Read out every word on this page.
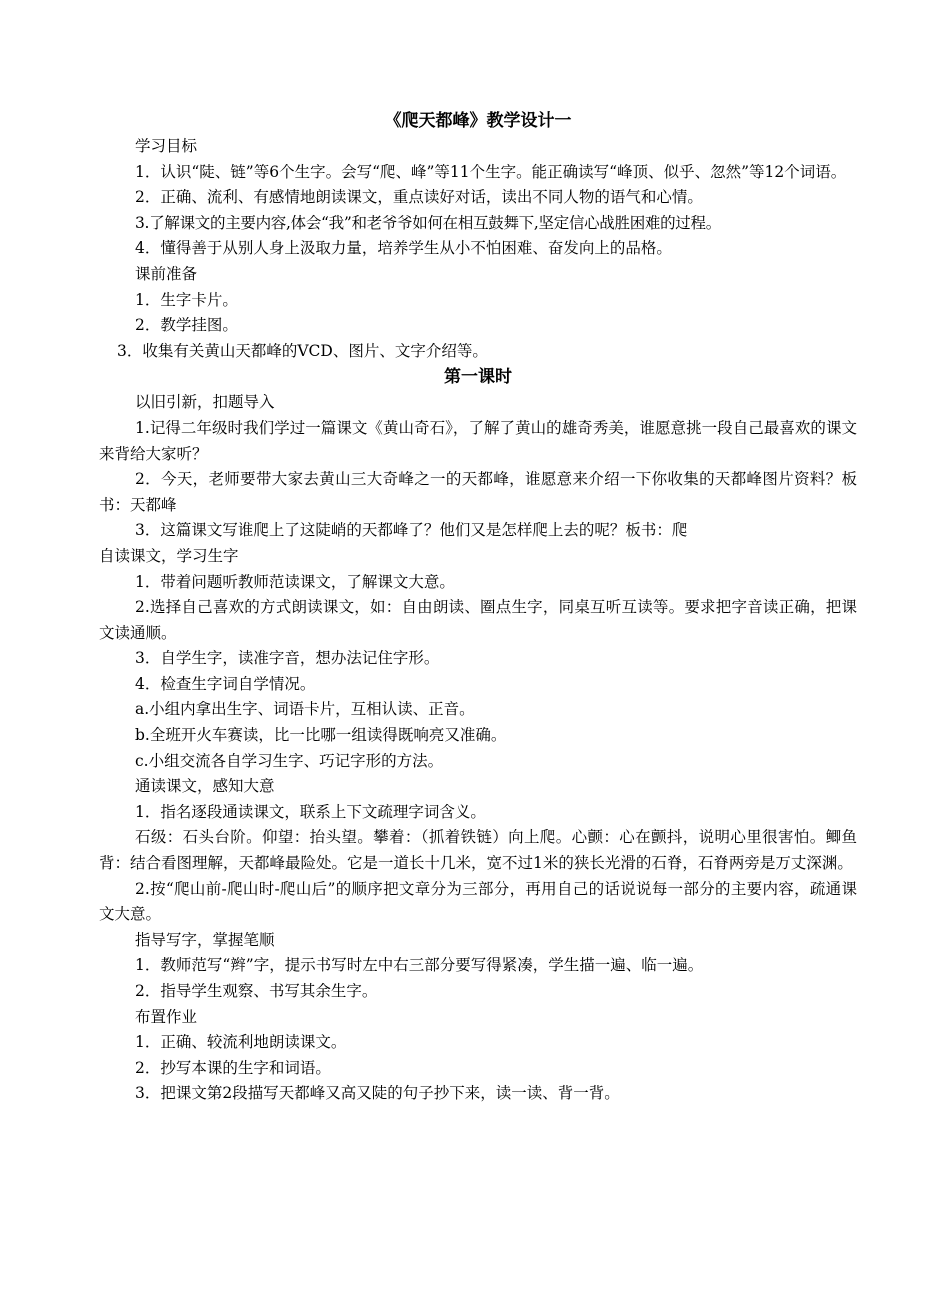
《爬天都峰》教学设计一
学习目标
1．认识“陡、链”等6个生字。会写“爬、峰”等11个生字。能正确读写“峰顶、似乎、忽然”等12个词语。
2．正确、流利、有感情地朗读课文，重点读好对话，读出不同人物的语气和心情。
3.了解课文的主要内容,体会“我”和老爷爷如何在相互鼓舞下,坚定信心战胜困难的过程。
4．懂得善于从别人身上汲取力量，培养学生从小不怕困难、奋发向上的品格。
课前准备
1．生字卡片。
2．教学挂图。
3．收集有关黄山天都峰的VCD、图片、文字介绍等。
第一课时
以旧引新，扣题导入
1.记得二年级时我们学过一篇课文《黄山奇石》，了解了黄山的雄奇秀美，谁愿意挑一段自己最喜欢的课文来背给大家听？
2．今天，老师要带大家去黄山三大奇峰之一的天都峰，谁愿意来介绍一下你收集的天都峰图片资料？板书：天都峰
3．这篇课文写谁爬上了这陡峭的天都峰了？他们又是怎样爬上去的呢？板书：爬
自读课文，学习生字
1．带着问题听教师范读课文，了解课文大意。
2.选择自己喜欢的方式朗读课文，如：自由朗读、圈点生字，同桌互听互读等。要求把字音读正确，把课文读通顺。
3．自学生字，读准字音，想办法记住字形。
4．检查生字词自学情况。
a.小组内拿出生字、词语卡片，互相认读、正音。
b.全班开火车赛读，比一比哪一组读得既响亮又准确。
c.小组交流各自学习生字、巧记字形的方法。
通读课文，感知大意
1．指名逐段通读课文，联系上下文疏理字词含义。
石级：石头台阶。仰望：抬头望。攀着：（抓着铁链）向上爬。心颤：心在颤抖，说明心里很害怕。鲫鱼背：结合看图理解，天都峰最险处。它是一道长十几米，宽不过1米的狭长光滑的石脊，石脊两旁是万丈深渊。
2.按“爬山前-爬山时-爬山后”的顺序把文章分为三部分，再用自己的话说说每一部分的主要内容，疏通课文大意。
指导写字，掌握笔顺
1．教师范写“辫”字，提示书写时左中右三部分要写得紧凑，学生描一遍、临一遍。
2．指导学生观察、书写其余生字。
布置作业
1．正确、较流利地朗读课文。
2．抄写本课的生字和词语。
3．把课文第2段描写天都峰又高又陡的句子抄下来，读一读、背一背。
